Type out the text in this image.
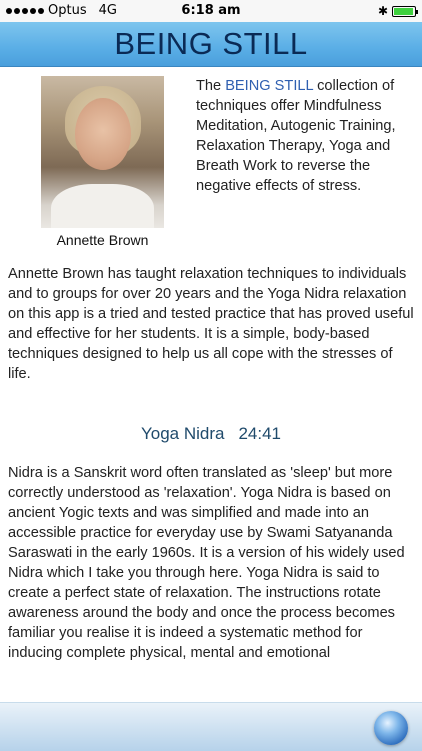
Optus 4G	6:18 am	✱
BEING STILL
Annette Brown
The BEING STILL collection of techniques offer Mindfulness Meditation, Autogenic Training, Relaxation Therapy, Yoga and Breath Work to reverse the negative effects of stress.
Annette Brown has taught relaxation techniques to individuals and to groups for over 20 years and the Yoga Nidra relaxation on this app is a tried and tested practice that has proved useful and effective for her students. It is a simple, body-based techniques designed to help us all cope with the stresses of life.
Yoga Nidra 24:41
Nidra is a Sanskrit word often translated as 'sleep' but more correctly understood as 'relaxation'. Yoga Nidra is based on ancient Yogic texts and was simplified and made into an accessible practice for everyday use by Swami Satyananda Saraswati in the early 1960s. It is a version of his widely used Nidra which I take you through here. Yoga Nidra is said to create a perfect state of relaxation. The instructions rotate awareness around the body and once the process becomes familiar you realise it is indeed a systematic method for inducing complete physical, mental and emotional
